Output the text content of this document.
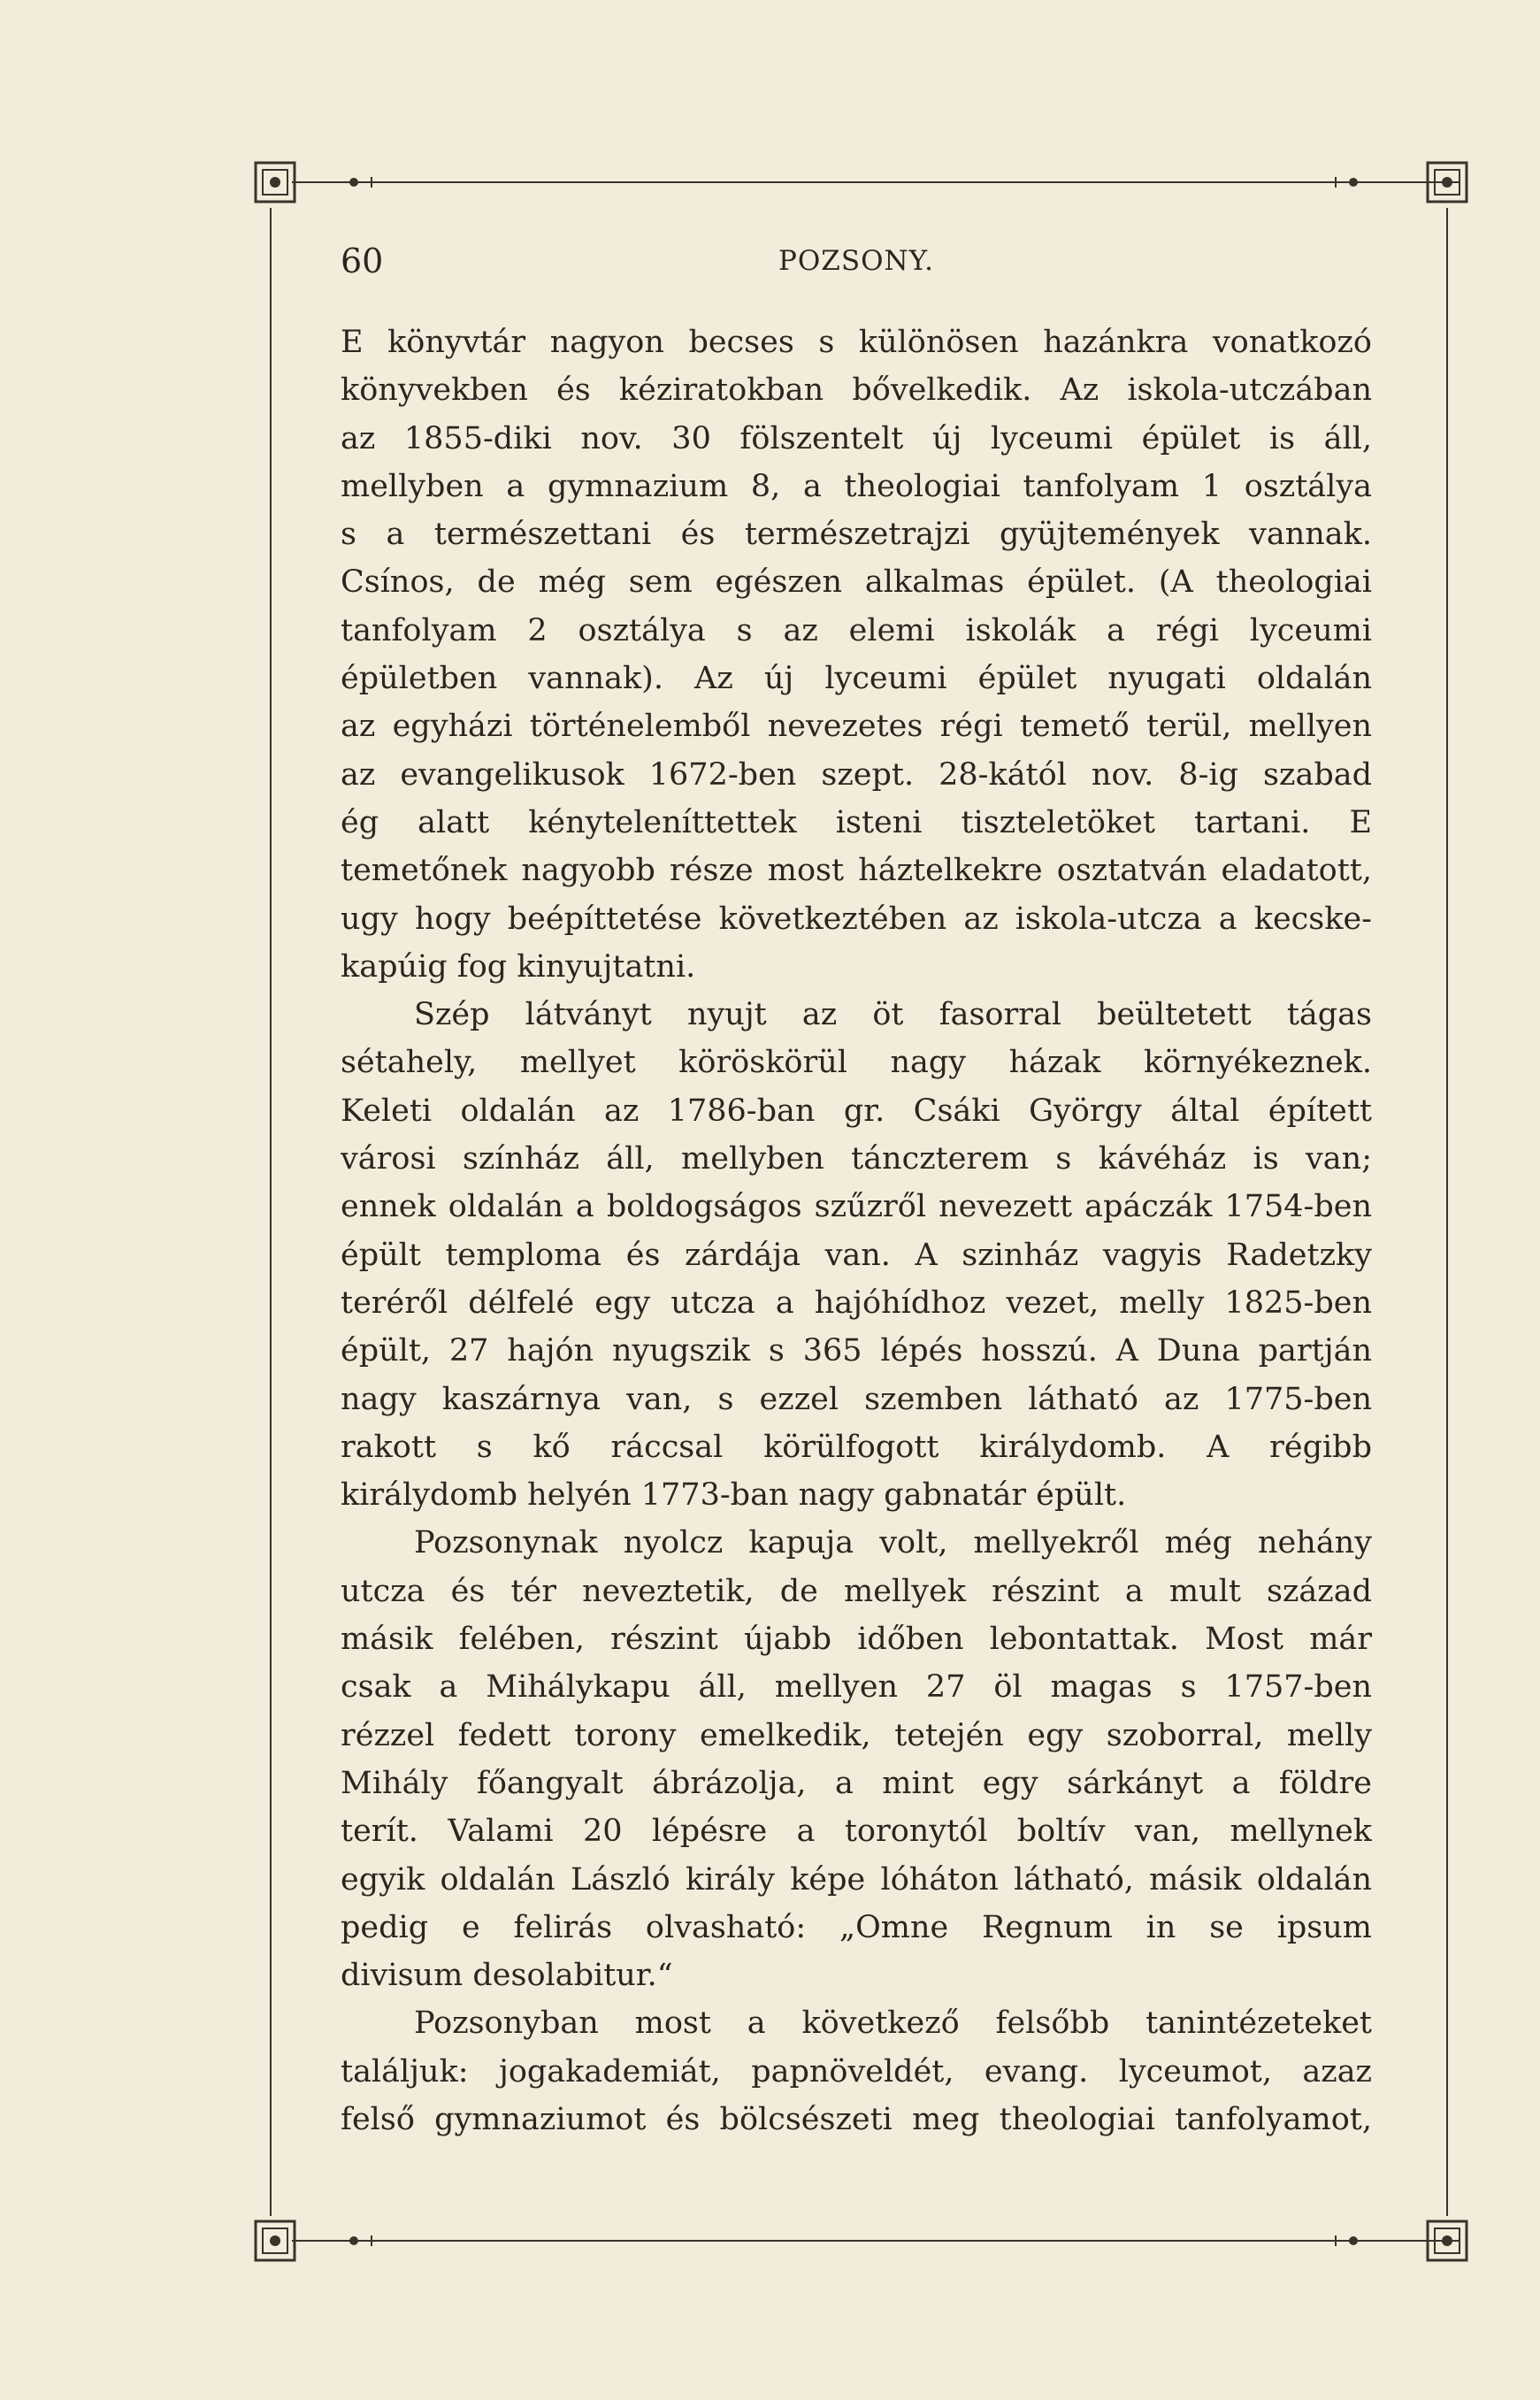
60	POZSONY.
E könyvtár nagyon becses s különösen hazánkra vonatkozó
könyvekben és kéziratokban bővelkedik. Az iskola-utczában
az 1855-diki nov. 30 fölszentelt új lyceumi épület is áll,
mellyben a gymnazium 8, a theologiai tanfolyam 1 osztálya
s a természettani és természetrajzi gyüjtemények vannak.
Csínos, de még sem egészen alkalmas épület. (A theologiai
tanfolyam 2 osztálya s az elemi iskolák a régi lyceumi
épületben vannak). Az új lyceumi épület nyugati oldalán
az egyházi történelemből nevezetes régi temető terül, mellyen
az evangelikusok 1672-ben szept. 28-kától nov. 8-ig szabad
ég alatt kényteleníttettek isteni tiszteletöket tartani. E
temetőnek nagyobb része most háztelkekre osztatván eladatott,
ugy hogy beépíttetése következtében az iskola-utcza a kecske-
kapúig fog kinyujtatni.
Szép látványt nyujt az öt fasorral beültetett tágas
sétahely, mellyet köröskörül nagy házak környékeznek.
Keleti oldalán az 1786-ban gr. Csáki György által épített
városi színház áll, mellyben tánczterem s kávéház is van;
ennek oldalán a boldogságos szűzről nevezett apáczák 1754-ben
épült temploma és zárdája van. A szinház vagyis Radetzky
teréről délfelé egy utcza a hajóhídhoz vezet, melly 1825-ben
épült, 27 hajón nyugszik s 365 lépés hosszú. A Duna partján
nagy kaszárnya van, s ezzel szemben látható az 1775-ben
rakott s kő ráccsal körülfogott királydomb. A régibb
királydomb helyén 1773-ban nagy gabnatár épült.
Pozsonynak nyolcz kapuja volt, mellyekről még nehány
utcza és tér neveztetik, de mellyek részint a mult század
másik felében, részint újabb időben lebontattak. Most már
csak a Mihálykapu áll, mellyen 27 öl magas s 1757-ben
rézzel fedett torony emelkedik, tetején egy szoborral, melly
Mihály főangyalt ábrázolja, a mint egy sárkányt a földre
terít. Valami 20 lépésre a toronytól boltív van, mellynek
egyik oldalán László király képe lóháton látható, másik oldalán
pedig e felirás olvasható: „Omne Regnum in se ipsum
divisum desolabitur.“
Pozsonyban most a következő felsőbb tanintézeteket
találjuk: jogakademiát, papnöveldét, evang. lyceumot, azaz
felső gymnaziumot és bölcsészeti meg theologiai tanfolyamot,
